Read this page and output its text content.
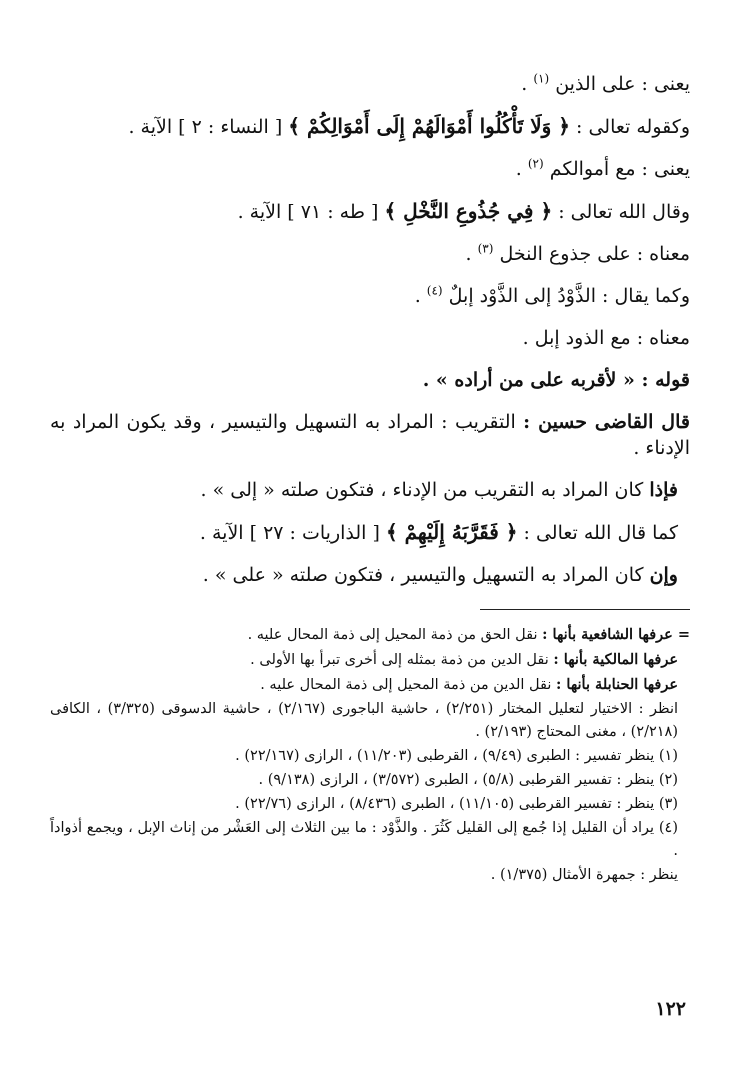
يعنى : على الذين $^{(١)}$ .

وكقوله تعالى : ﴿ وَلَا تَأْكُلُوا أَمْوَالَهُمْ إِلَى أَمْوَالِكُمْ ﴾ [ النساء : ٢ ] الآية .

يعنى : مع أموالكم $^{(٢)}$ .

وقال الله تعالى : ﴿ فِي جُذُوعِ النَّخْلِ ﴾ [ طه : ٧١ ] الآية .

معناه : على جذوع النخل $^{(٣)}$ .

وكما يقال : الذَّوْدُ إلى الذَّوْد إبلٌ $^{(٤)}$ .

معناه : مع الذود إبل .

قوله : « لأقربه على من أراده » .

قال القاضى حسين : التقريب : المراد به التسهيل والتيسير ، وقد يكون المراد به الإدناء .

فإذا كان المراد به التقريب من الإدناء ، فتكون صلته « إلى » .

كما قال الله تعالى : ﴿ فَقَرَّبَهُ إِلَيْهِمْ ﴾ [ الذاريات : ٢٧ ] الآية .

وإن كان المراد به التسهيل والتيسير ، فتكون صلته « على » .

= عرفها الشافعية بأنها : نقل الحق من ذمة المحيل إلى ذمة المحال عليه .

عرفها المالكية بأنها : نقل الدين من ذمة بمثله إلى أخرى تبرأ بها الأولى .

عرفها الحنابلة بأنها : نقل الدين من ذمة المحيل إلى ذمة المحال عليه .

انظر : الاختيار لتعليل المختار (٢/٢٥١) ، حاشية الباجورى (٢/١٦٧) ، حاشية الدسوقى (٣/٣٢٥) ، الكافى (٢/٢١٨) ، مغنى المحتاج (٢/١٩٣) .

(١) ينظر تفسير : الطبرى (٩/٤٩) ، القرطبى (١١/٢٠٣) ، الرازى (٢٢/١٦٧) .

(٢) ينظر : تفسير القرطبى (٥/٨) ، الطبرى (٣/٥٧٢) ، الرازى (٩/١٣٨) .

(٣) ينظر : تفسير القرطبى (١١/١٠٥) ، الطبرى (٨/٤٣٦) ، الرازى (٢٢/٧٦) .

(٤) يراد أن القليل إذا جُمع إلى القليل كَثُرَ . والذَّوْد : ما بين الثلاث إلى العَشْر من إناث الإبل ، ويجمع أذواداً .

ينظر : جمهرة الأمثال (١/٣٧٥) .

١٢٢
